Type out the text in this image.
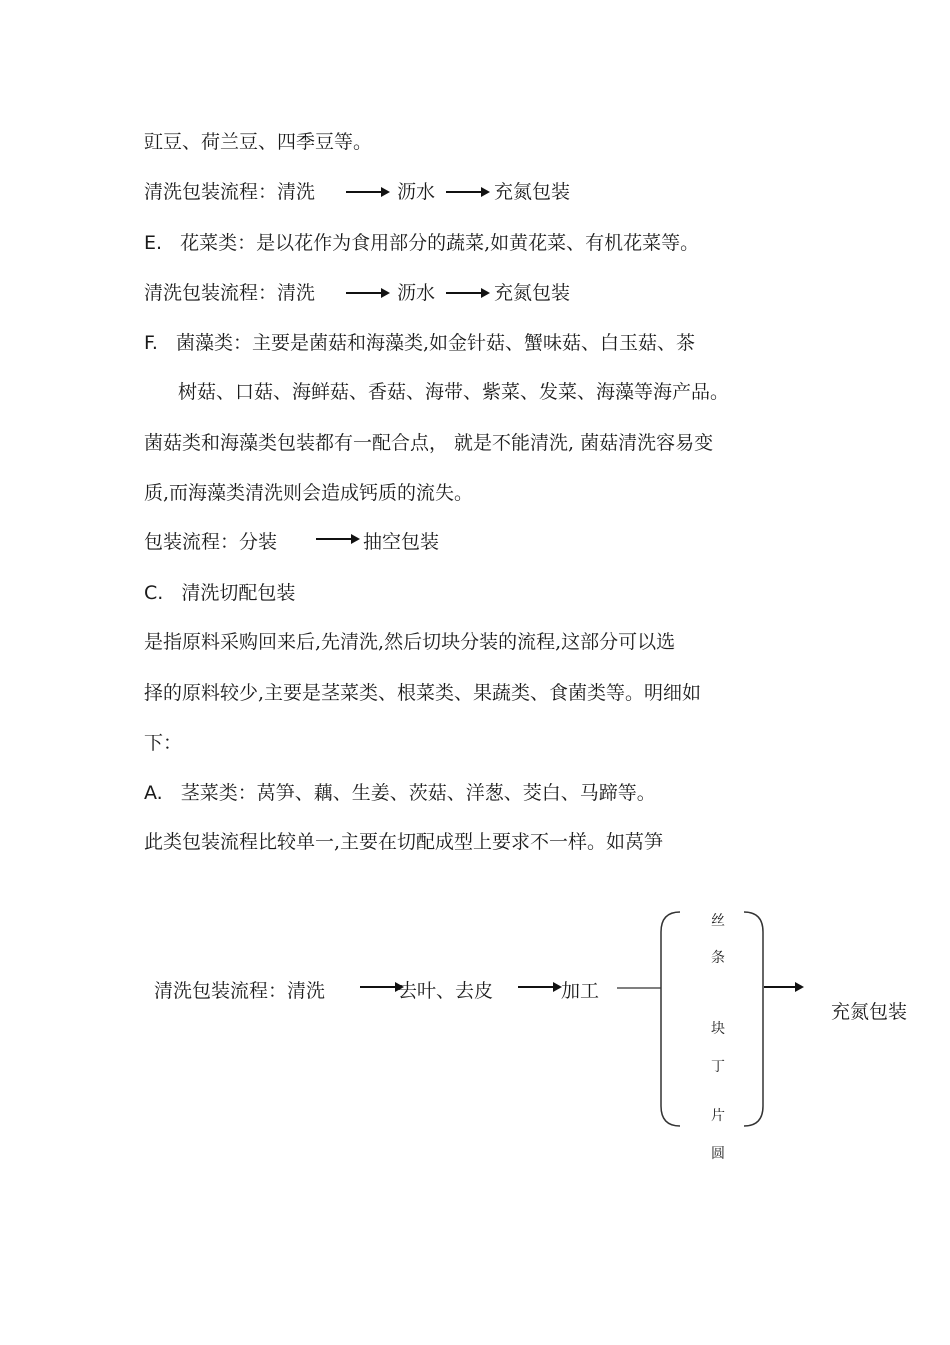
豇豆、荷兰豆、四季豆等。
清洗包装流程：清洗	沥水	充氮包装
E. 花菜类：是以花作为食用部分的蔬菜,如黄花菜、有机花菜等。
清洗包装流程：清洗	沥水	充氮包装
F. 菌藻类：主要是菌菇和海藻类,如金针菇、蟹味菇、白玉菇、茶
树菇、口菇、海鲜菇、香菇、海带、紫菜、发菜、海藻等海产品。
菌菇类和海藻类包装都有一配合点， 就是不能清洗, 菌菇清洗容易变
质,而海藻类清洗则会造成钙质的流失。
包装流程：分装	抽空包装
C. 清洗切配包装
是指原料采购回来后,先清洗,然后切块分装的流程,这部分可以选
择的原料较少,主要是茎菜类、根菜类、果蔬类、食菌类等。明细如
下：
A. 茎菜类：莴笋、藕、生姜、茨菇、洋葱、茭白、马蹄等。
此类包装流程比较单一,主要在切配成型上要求不一样。如莴笋
清洗包装流程：清洗	去叶、去皮	加工
丝
条
块
丁
片
圆
充氮包装
